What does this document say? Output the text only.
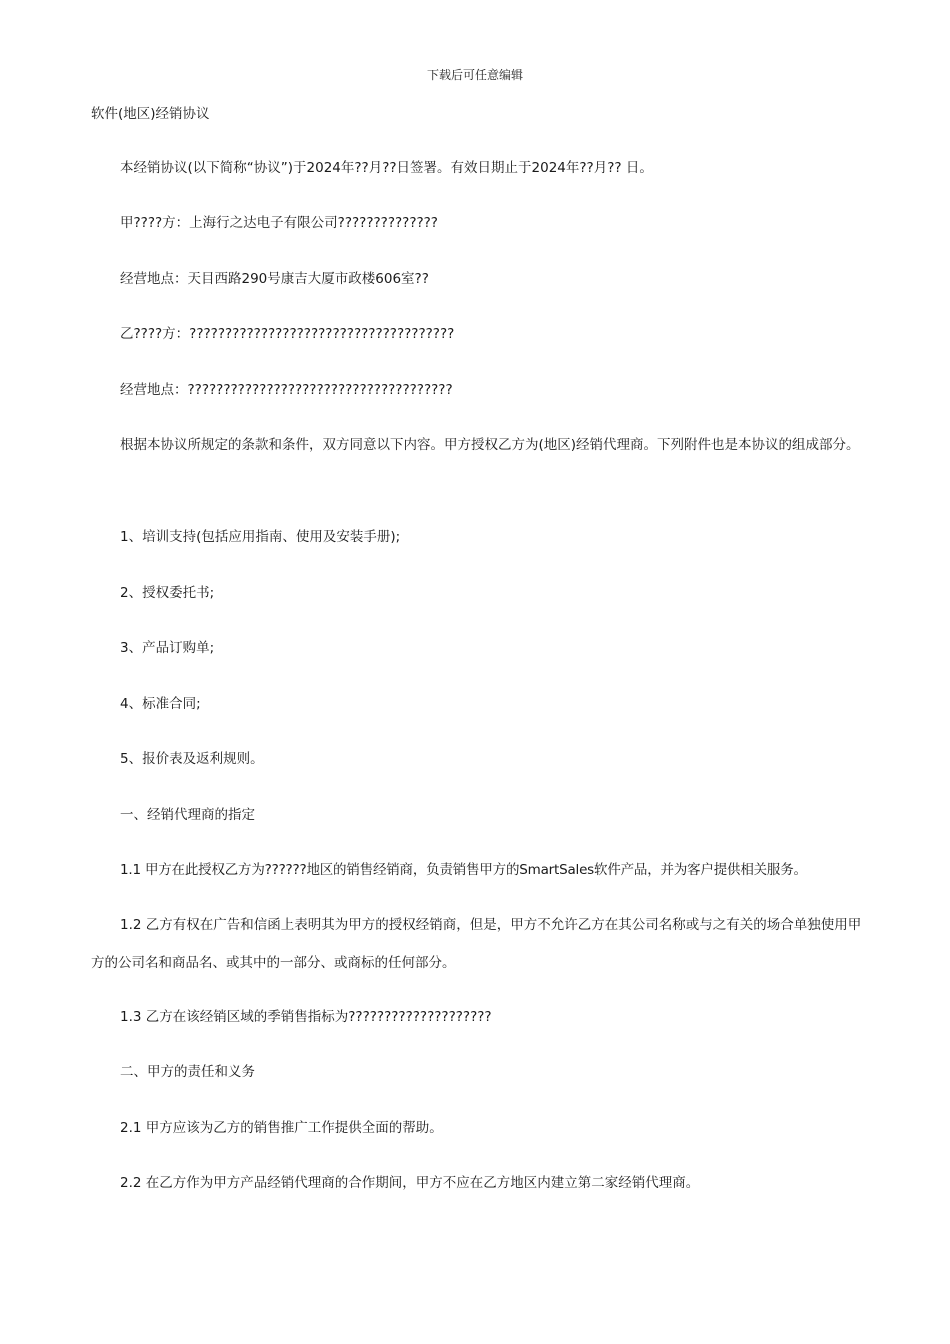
下载后可任意编辑
软件(地区)经销协议

本经销协议(以下简称“协议”)于2024年??月??日签署。有效日期止于2024年??月?? 日。

甲????方：上海行之达电子有限公司??????????????

经营地点：天目西路290号康吉大厦市政楼606室??

乙????方：?????????????????????????????????????

经营地点：?????????????????????????????????????

根据本协议所规定的条款和条件，双方同意以下内容。甲方授权乙方为(地区)经销代理商。下列附件也是本协议的组成部分。

1、培训支持(包括应用指南、使用及安装手册);

2、授权委托书;

3、产品订购单;

4、标准合同;

5、报价表及返利规则。

一、经销代理商的指定

1.1 甲方在此授权乙方为??????地区的销售经销商，负责销售甲方的SmartSales软件产品，并为客户提供相关服务。

1.2 乙方有权在广告和信函上表明其为甲方的授权经销商，但是，甲方不允许乙方在其公司名称或与之有关的场合单独使用甲方的公司名和商品名、或其中的一部分、或商标的任何部分。

1.3 乙方在该经销区域的季销售指标为????????????????????

二、甲方的责任和义务

2.1 甲方应该为乙方的销售推广工作提供全面的帮助。

2.2 在乙方作为甲方产品经销代理商的合作期间，甲方不应在乙方地区内建立第二家经销代理商。
